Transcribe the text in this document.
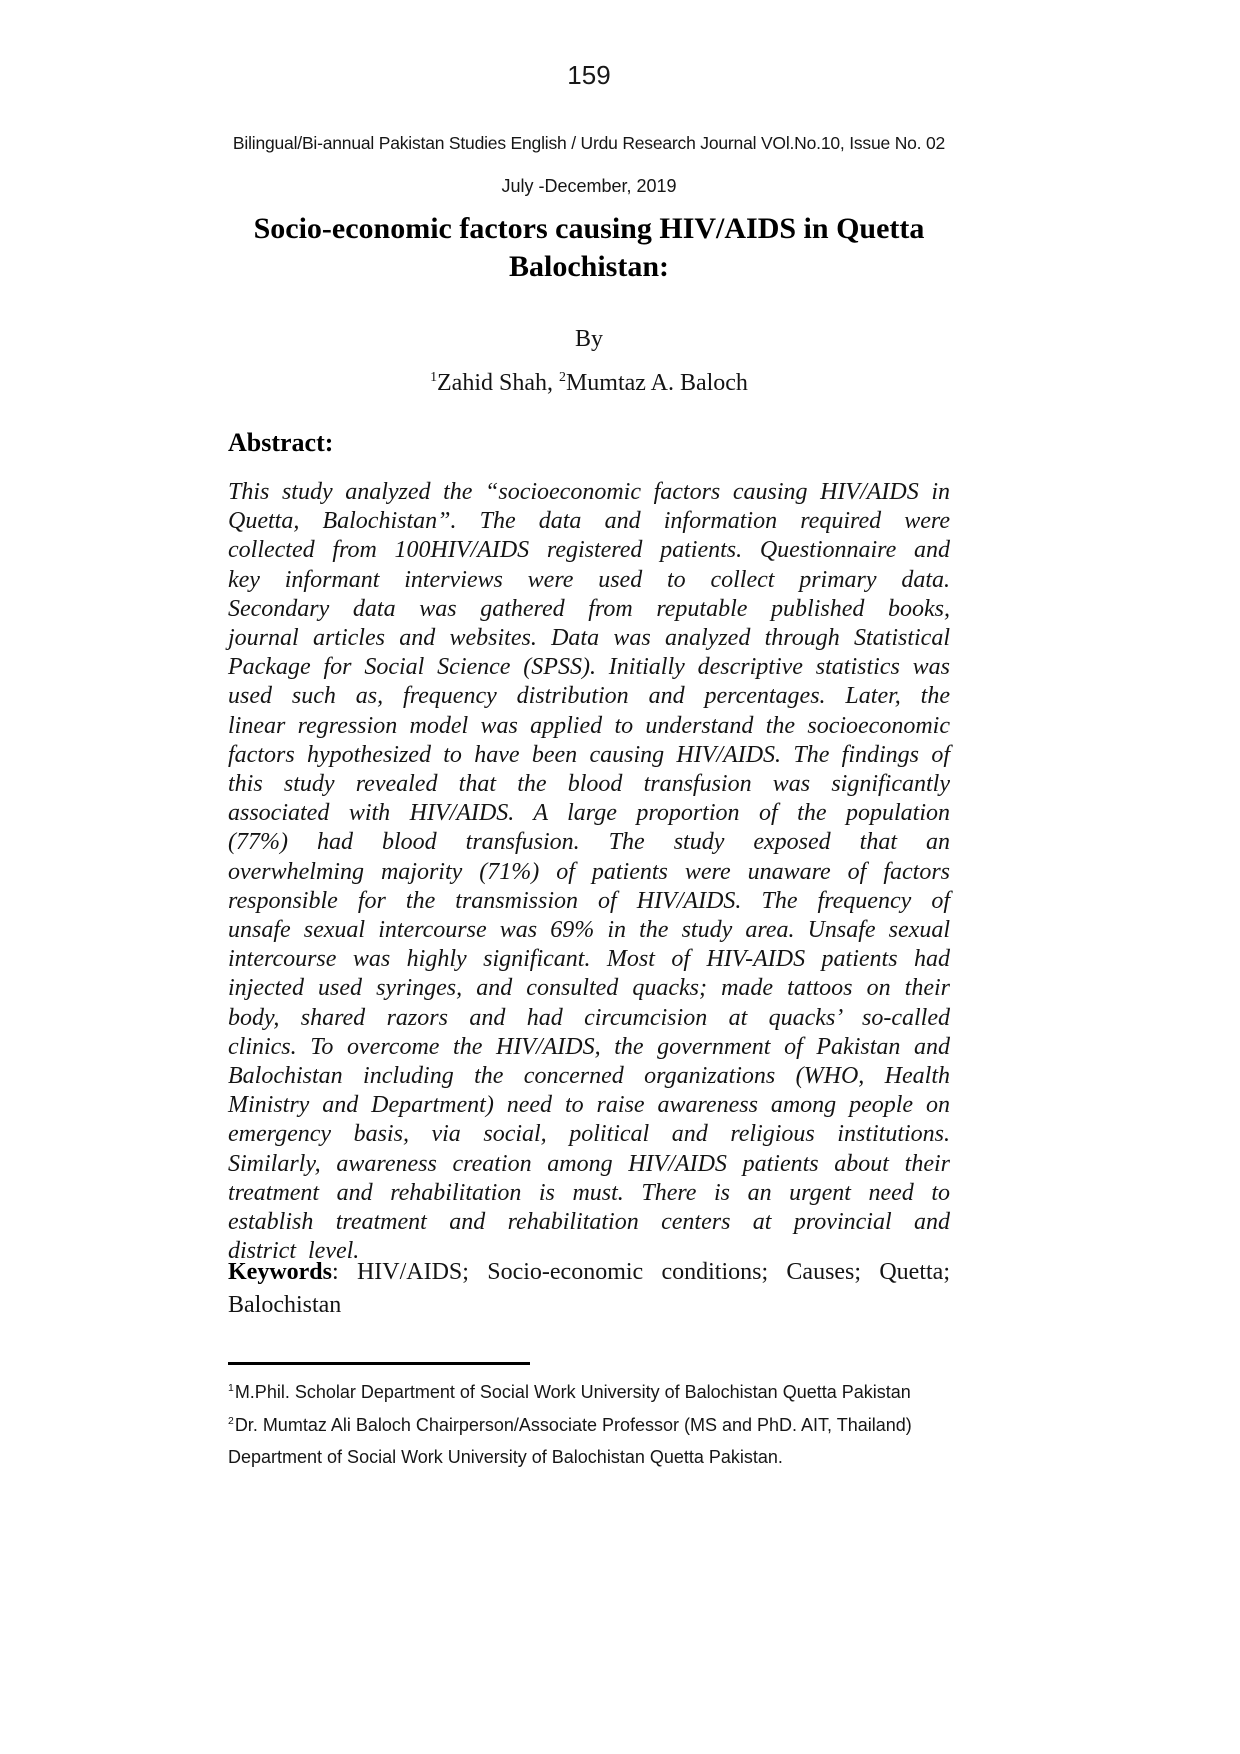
159
Bilingual/Bi-annual Pakistan Studies English / Urdu Research Journal VOl.No.10, Issue No. 02
July -December, 2019
Socio-economic factors causing HIV/AIDS in Quetta Balochistan:
By
$^1$Zahid Shah, $^2$Mumtaz A. Baloch
Abstract:

This study analyzed the “socioeconomic factors causing HIV/AIDS in Quetta, Balochistan”. The data and information required were collected from 100HIV/AIDS registered patients. Questionnaire and key informant interviews were used to collect primary data. Secondary data was gathered from reputable published books, journal articles and websites. Data was analyzed through Statistical Package for Social Science (SPSS). Initially descriptive statistics was used such as, frequency distribution and percentages. Later, the linear regression model was applied to understand the socioeconomic factors hypothesized to have been causing HIV/AIDS. The findings of this study revealed that the blood transfusion was significantly associated with HIV/AIDS. A large proportion of the population (77%) had blood transfusion. The study exposed that an overwhelming majority (71%) of patients were unaware of factors responsible for the transmission of HIV/AIDS. The frequency of unsafe sexual intercourse was 69% in the study area. Unsafe sexual intercourse was highly significant. Most of HIV-AIDS patients had injected used syringes, and consulted quacks; made tattoos on their body, shared razors and had circumcision at quacks’ so-called clinics. To overcome the HIV/AIDS, the government of Pakistan and Balochistan including the concerned organizations (WHO, Health Ministry and Department) need to raise awareness among people on emergency basis, via social, political and religious institutions. Similarly, awareness creation among HIV/AIDS patients about their treatment and rehabilitation is must. There is an urgent need to establish treatment and rehabilitation centers at provincial and district level.

Keywords: HIV/AIDS; Socio-economic conditions; Causes; Quetta; Balochistan

$^1$M.Phil. Scholar Department of Social Work University of Balochistan Quetta Pakistan
$^2$Dr. Mumtaz Ali Baloch Chairperson/Associate Professor (MS and PhD. AIT, Thailand) Department of Social Work University of Balochistan Quetta Pakistan.
